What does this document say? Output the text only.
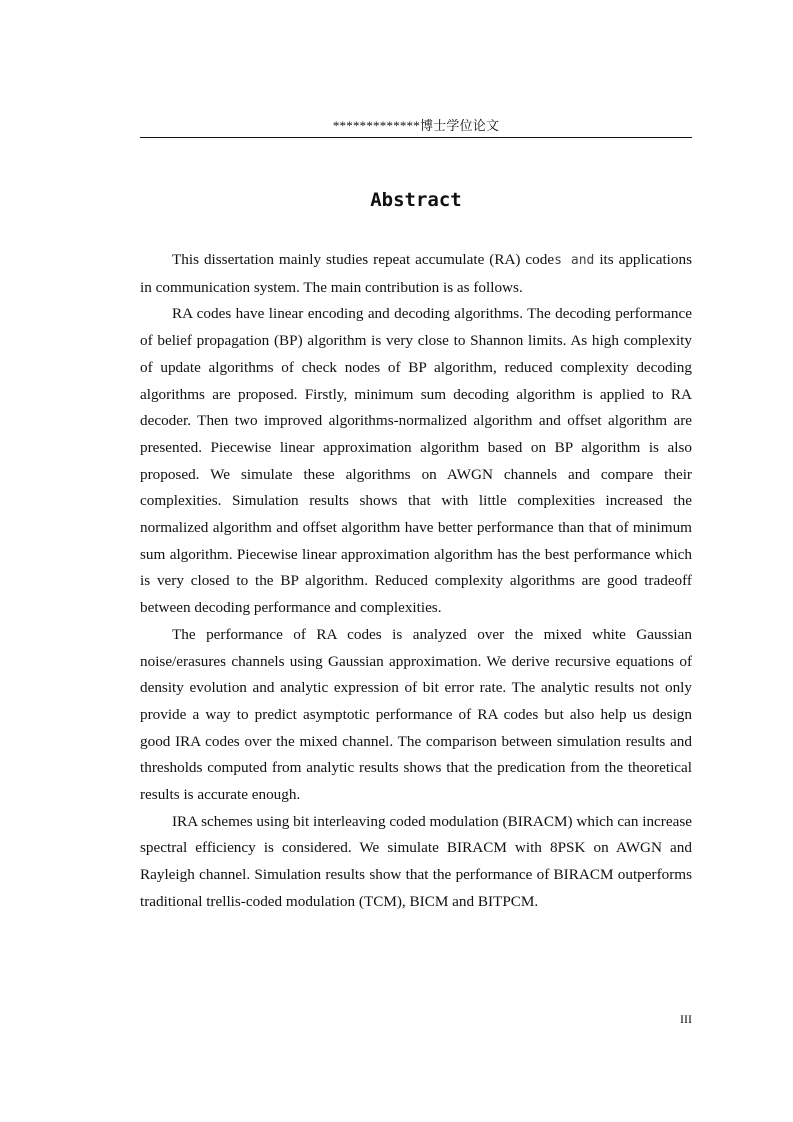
*************博士学位论文
Abstract

This dissertation mainly studies repeat accumulate (RA) codes and its applications in communication system. The main contribution is as follows.

RA codes have linear encoding and decoding algorithms. The decoding performance of belief propagation (BP) algorithm is very close to Shannon limits. As high complexity of update algorithms of check nodes of BP algorithm, reduced complexity decoding algorithms are proposed. Firstly, minimum sum decoding algorithm is applied to RA decoder. Then two improved algorithms-normalized algorithm and offset algorithm are presented. Piecewise linear approximation algorithm based on BP algorithm is also proposed. We simulate these algorithms on AWGN channels and compare their complexities. Simulation results shows that with little complexities increased the normalized algorithm and offset algorithm have better performance than that of minimum sum algorithm. Piecewise linear approximation algorithm has the best performance which is very closed to the BP algorithm. Reduced complexity algorithms are good tradeoff between decoding performance and complexities.

The performance of RA codes is analyzed over the mixed white Gaussian noise/erasures channels using Gaussian approximation. We derive recursive equations of density evolution and analytic expression of bit error rate. The analytic results not only provide a way to predict asymptotic performance of RA codes but also help us design good IRA codes over the mixed channel. The comparison between simulation results and thresholds computed from analytic results shows that the predication from the theoretical results is accurate enough.

IRA schemes using bit interleaving coded modulation (BIRACM) which can increase spectral efficiency is considered. We simulate BIRACM with 8PSK on AWGN and Rayleigh channel. Simulation results show that the performance of BIRACM outperforms traditional trellis-coded modulation (TCM), BICM and BITPCM.

III
